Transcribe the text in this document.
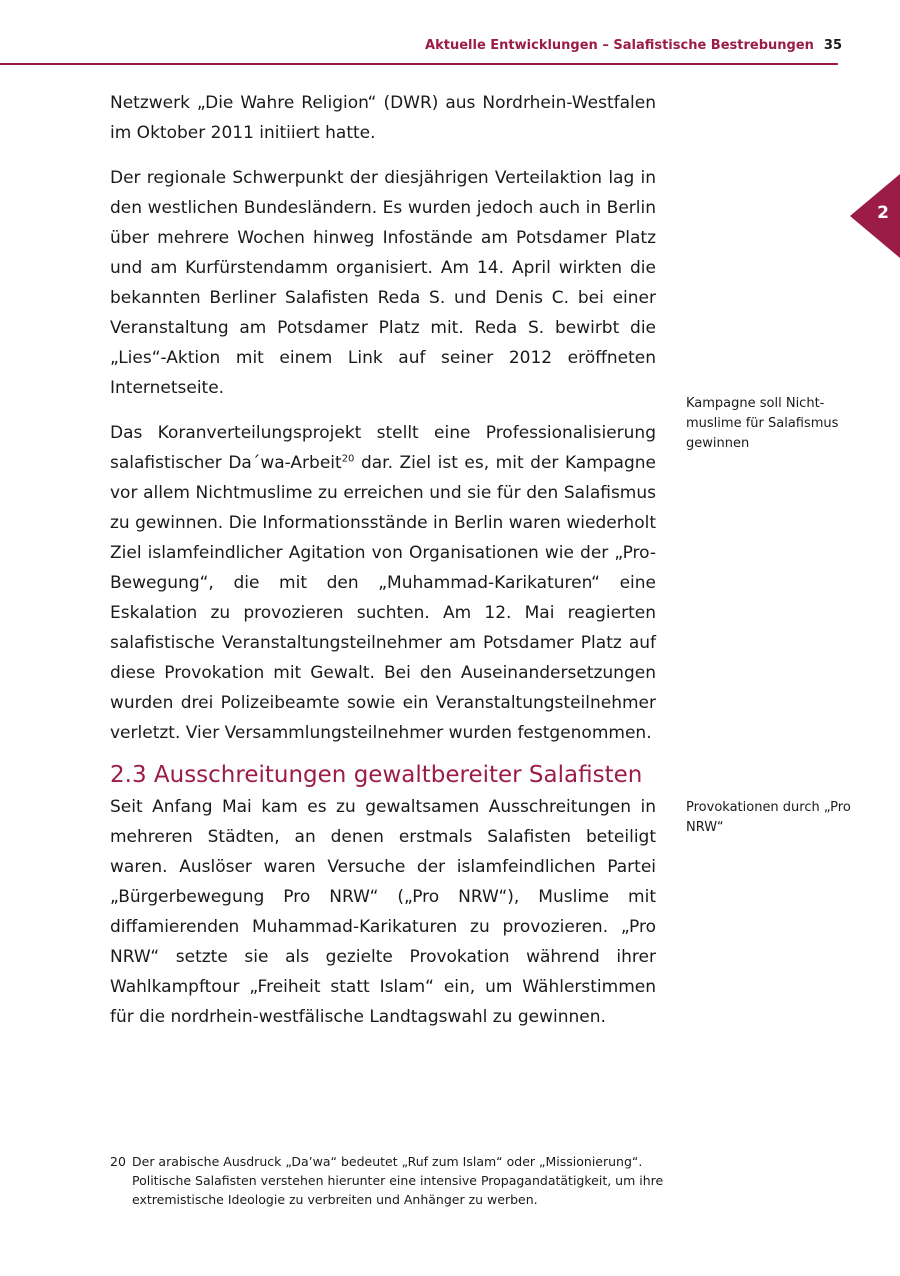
Aktuelle Entwicklungen – Salafistische Bestrebungen 35
2

Netzwerk „Die Wahre Religion“ (DWR) aus Nordrhein-Westfalen im Oktober 2011 initiiert hatte.

Der regionale Schwerpunkt der diesjährigen Verteilaktion lag in den westlichen Bundesländern. Es wurden jedoch auch in Berlin über mehrere Wochen hinweg Infostände am Potsdamer Platz und am Kurfürstendamm organisiert. Am 14. April wirkten die bekannten Berliner Salafisten Reda S. und Denis C. bei einer Veranstaltung am Potsdamer Platz mit. Reda S. bewirbt die „Lies“-Aktion mit einem Link auf seiner 2012 eröffneten Internetseite.

Das Koranverteilungsprojekt stellt eine Professionalisierung salafistischer Da´wa-Arbeit$^{20}$ dar. Ziel ist es, mit der Kampagne vor allem Nichtmuslime zu erreichen und sie für den Salafismus zu gewinnen. Die Informationsstände in Berlin waren wiederholt Ziel islamfeindlicher Agitation von Organisationen wie der „Pro-Bewegung“, die mit den „Muhammad-Karikaturen“ eine Eskalation zu provozieren suchten. Am 12. Mai reagierten salafistische Veranstaltungsteilnehmer am Potsdamer Platz auf diese Provokation mit Gewalt. Bei den Auseinandersetzungen wurden drei Polizeibeamte sowie ein Veranstaltungsteilnehmer verletzt. Vier Versammlungsteilnehmer wurden festgenommen.

2.3 Ausschreitungen gewaltbereiter Salafisten

Seit Anfang Mai kam es zu gewaltsamen Ausschreitungen in mehreren Städten, an denen erstmals Salafisten beteiligt waren. Auslöser waren Versuche der islamfeindlichen Partei „Bürgerbewegung Pro NRW“ („Pro NRW“), Muslime mit diffamierenden Muhammad-Karikaturen zu provozieren. „Pro NRW“ setzte sie als gezielte Provokation während ihrer Wahlkampftour „Freiheit statt Islam“ ein, um Wählerstimmen für die nordrhein-westfälische Landtagswahl zu gewinnen.

Kampagne soll Nicht-muslime für Salafismus gewinnen
Provokationen durch „Pro NRW“
20 Der arabische Ausdruck „Da’wa“ bedeutet „Ruf zum Islam“ oder „Missionierung“. Politische Salafisten verstehen hierunter eine intensive Propagandatätigkeit, um ihre extremistische Ideologie zu verbreiten und Anhänger zu werben.
